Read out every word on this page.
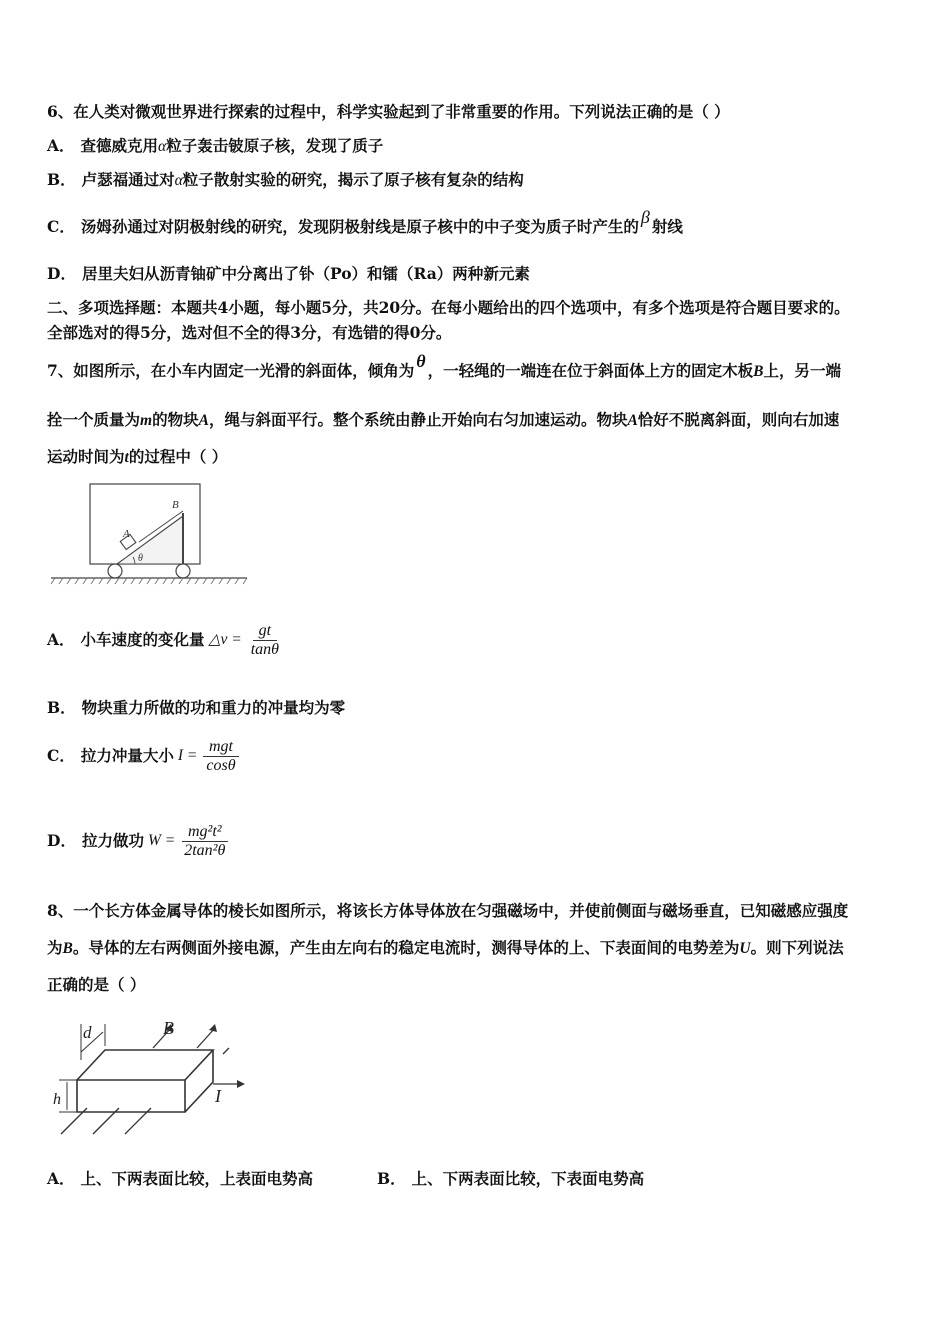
6、在人类对微观世界进行探索的过程中，科学实验起到了非常重要的作用。下列说法正确的是（ ）
A． 查德威克用α粒子轰击铍原子核，发现了质子
B． 卢瑟福通过对α粒子散射实验的研究，揭示了原子核有复杂的结构
C． 汤姆孙通过对阴极射线的研究，发现阴极射线是原子核中的中子变为质子时产生的 β 射线
D． 居里夫妇从沥青铀矿中分离出了钋（Po）和镭（Ra）两种新元素
二、多项选择题：本题共4小题，每小题5分，共20分。在每小题给出的四个选项中，有多个选项是符合题目要求的。
全部选对的得5分，选对但不全的得3分，有选错的得0分。
7、如图所示，在小车内固定一光滑的斜面体，倾角为 θ ，一轻绳的一端连在位于斜面体上方的固定木板B上，另一端
拴一个质量为m的物块A，绳与斜面平行。整个系统由静止开始向右匀加速运动。物块A恰好不脱离斜面，则向右加速
运动时间为t的过程中（ ）
A
B
θ
A． 小车速度的变化量 △v = $\frac{gt}{\tan\theta}$
B． 物块重力所做的功和重力的冲量均为零
C． 拉力冲量大小 $I = \frac{\text{mgt}}{\cos\theta}$
D． 拉力做功 $W = \frac{\text{mg²t²}}{\text{2tan²θ}}$
8、一个长方体金属导体的棱长如图所示，将该长方体导体放在匀强磁场中，并使前侧面与磁场垂直，已知磁感应强度
为B。导体的左右两侧面外接电源，产生由左向右的稳定电流时，测得导体的上、下表面间的电势差为U。则下列说法
正确的是（ ）
d	B
h	I
A． 上、下两表面比较，上表面电势高	B． 上、下两表面比较，下表面电势高
